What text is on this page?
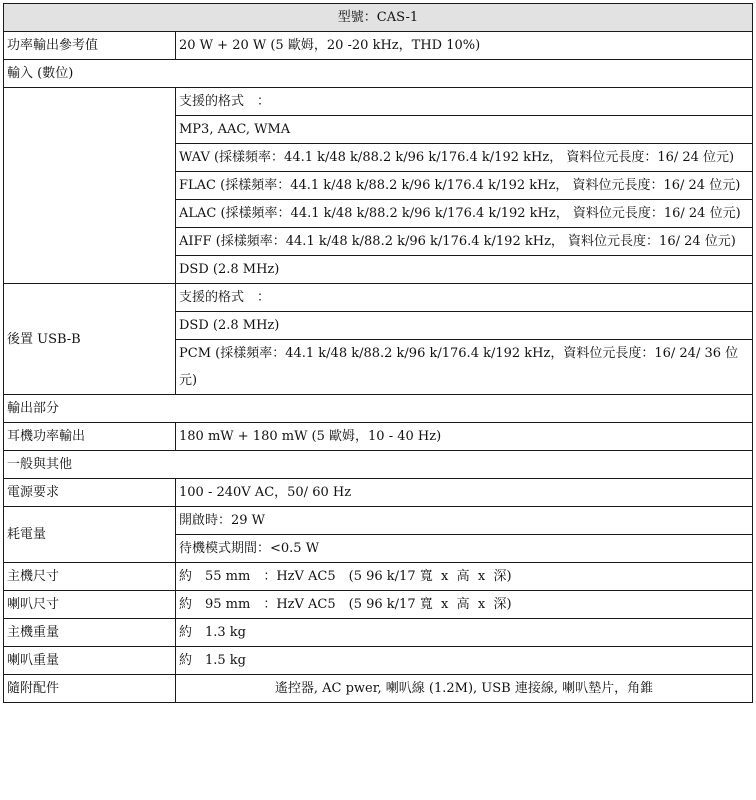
型號：CAS-1	
功率輸出參考值	20 W + 20 W (5 歐姆，20 -20 kHz，THD 10%)
輸入 (數位)	
	支援的格式　：
	MP3, AAC, WMA
	WAV (採樣頻率：44.1 k/48 k/88.2 k/96 k/176.4 k/192 kHz， 資料位元長度：16/ 24 位元)
	FLAC (採樣頻率：44.1 k/48 k/88.2 k/96 k/176.4 k/192 kHz， 資料位元長度：16/ 24 位元)
	ALAC (採樣頻率：44.1 k/48 k/88.2 k/96 k/176.4 k/192 kHz， 資料位元長度：16/ 24 位元)
	AIFF (採樣頻率：44.1 k/48 k/88.2 k/96 k/176.4 k/192 kHz， 資料位元長度：16/ 24 位元)
	DSD (2.8 MHz)
後置 USB-B	支援的格式　：
	DSD (2.8 MHz)
	PCM (採樣頻率：44.1 k/48 k/88.2 k/96 k/176.4 k/192 kHz，資料位元長度：16/ 24/ 36 位元)
輸出部分	
耳機功率輸出	180 mW + 180 mW (5 歐姆，10 - 40 Hz)
一般與其他	
電源要求	100 - 240V AC，50/ 60 Hz
耗電量	開啟時：29 W
	待機模式期間：<0.5 W
主機尺寸	約　55 mm　：HzV AC5　(5 96 k/17 寬  x  高  x  深)
喇叭尺寸	約　95 mm　：HzV AC5　(5 96 k/17 寬  x  高  x  深)
主機重量	約　1.3 kg
喇叭重量	約　1.5 kg
隨附配件	遙控器, AC pwer, 喇叭線 (1.2M), USB 連接線, 喇叭墊片，角錐
